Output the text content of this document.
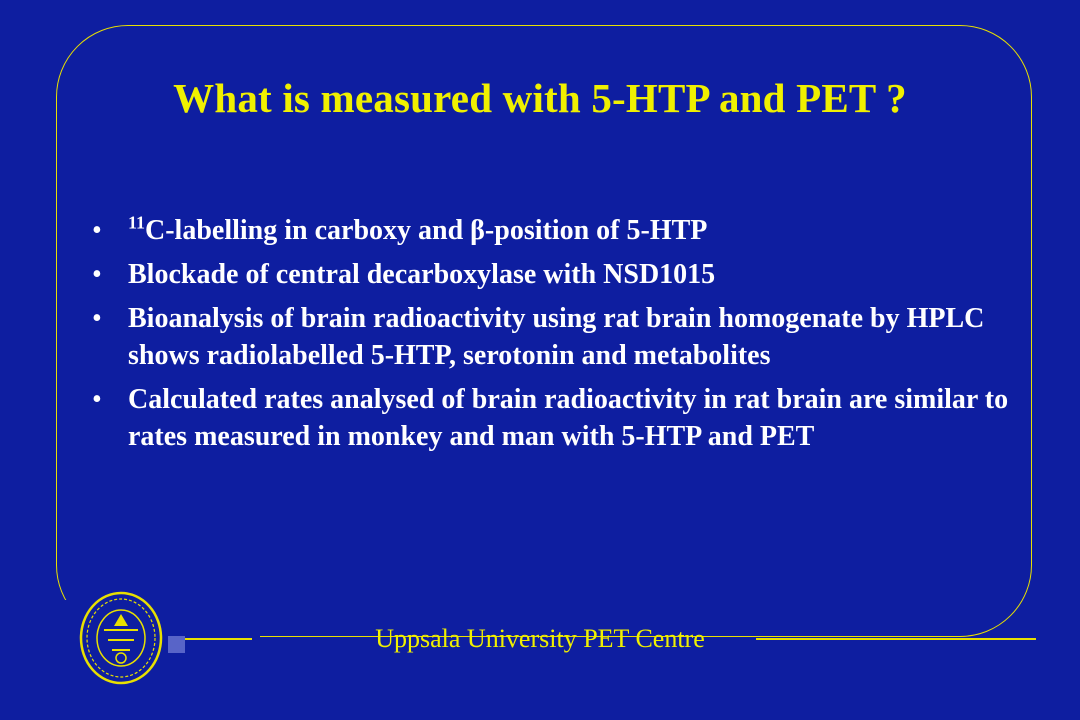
What is measured with 5-HTP and PET ?
• $^{11}$C-labelling in carboxy and β-position of 5-HTP
• Blockade of central decarboxylase with NSD1015
• Bioanalysis of brain radioactivity using rat brain homogenate by HPLC shows radiolabelled 5-HTP, serotonin and metabolites
• Calculated rates analysed of brain radioactivity in rat brain are similar to rates measured in monkey and man with 5-HTP and PET
Uppsala University PET Centre
